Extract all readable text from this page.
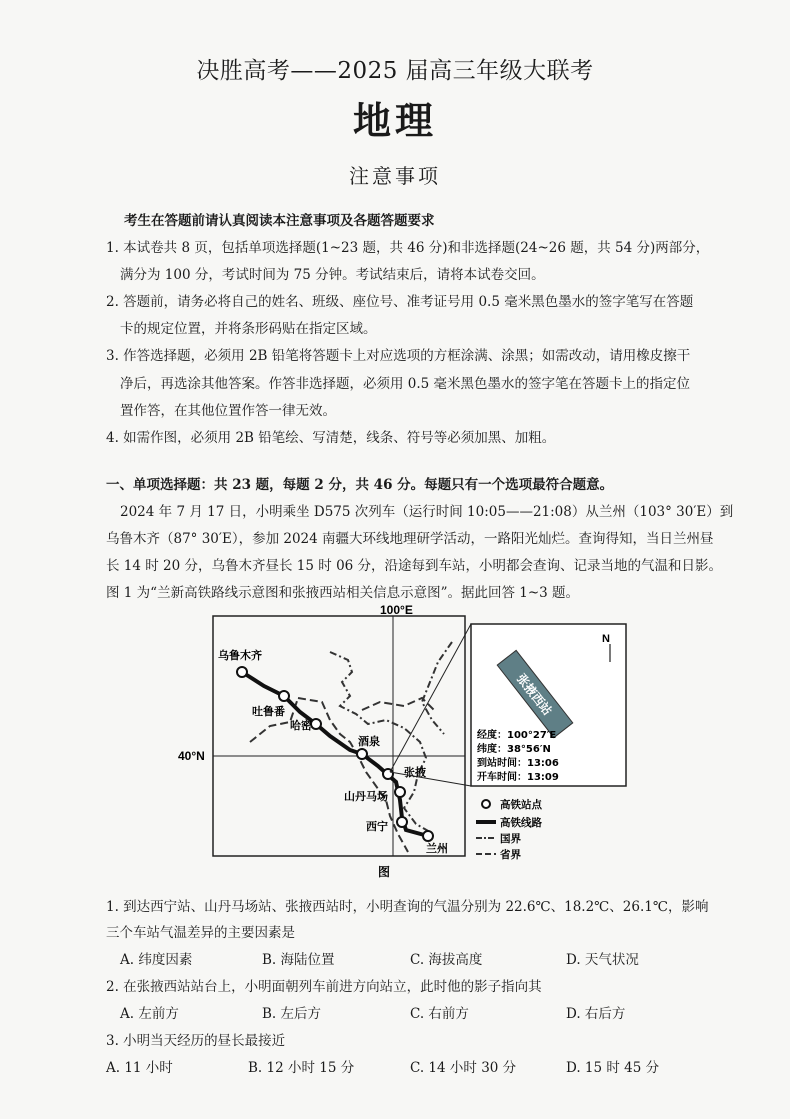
决胜高考——2025 届高三年级大联考
地理
注意事项
考生在答题前请认真阅读本注意事项及各题答题要求
1. 本试卷共 8 页，包括单项选择题(1~23 题，共 46 分)和非选择题(24~26 题，共 54 分)两部分，
满分为 100 分，考试时间为 75 分钟。考试结束后，请将本试卷交回。
2. 答题前，请务必将自己的姓名、班级、座位号、准考证号用 0.5 毫米黑色墨水的签字笔写在答题
卡的规定位置，并将条形码贴在指定区域。
3. 作答选择题，必须用 2B 铅笔将答题卡上对应选项的方框涂满、涂黑；如需改动，请用橡皮擦干
净后，再选涂其他答案。作答非选择题，必须用 0.5 毫米黑色墨水的签字笔在答题卡上的指定位
置作答，在其他位置作答一律无效。
4. 如需作图，必须用 2B 铅笔绘、写清楚，线条、符号等必须加黑、加粗。
一、单项选择题：共 23 题，每题 2 分，共 46 分。每题只有一个选项最符合题意。
2024 年 7 月 17 日，小明乘坐 D575 次列车（运行时间 10:05——21:08）从兰州（103° 30′E）到
乌鲁木齐（87° 30′E），参加 2024 南疆大环线地理研学活动，一路阳光灿烂。查询得知，当日兰州昼
长 14 时 20 分，乌鲁木齐昼长 15 时 06 分，沿途每到车站，小明都会查询、记录当地的气温和日影。
图 1 为“兰新高铁路线示意图和张掖西站相关信息示意图”。据此回答 1~3 题。
100°E
40°N
乌鲁木齐
吐鲁番
哈密
酒泉
张掖
山丹马场
西宁
兰州
N
张掖西站
经度：100°27′E
纬度：38°56′N
到站时间：13:06
开车时间：13:09
高铁站点
高铁线路
国界
省界
图
1. 到达西宁站、山丹马场站、张掖西站时，小明查询的气温分别为 22.6℃、18.2℃、26.1℃，影响
三个车站气温差异的主要因素是
A. 纬度因素	B. 海陆位置	C. 海拔高度	D. 天气状况
2. 在张掖西站站台上，小明面朝列车前进方向站立，此时他的影子指向其
A. 左前方	B. 左后方	C. 右前方	D. 右后方
3. 小明当天经历的昼长最接近
A. 11 小时	B. 12 小时 15 分	C. 14 小时 30 分	D. 15 时 45 分
